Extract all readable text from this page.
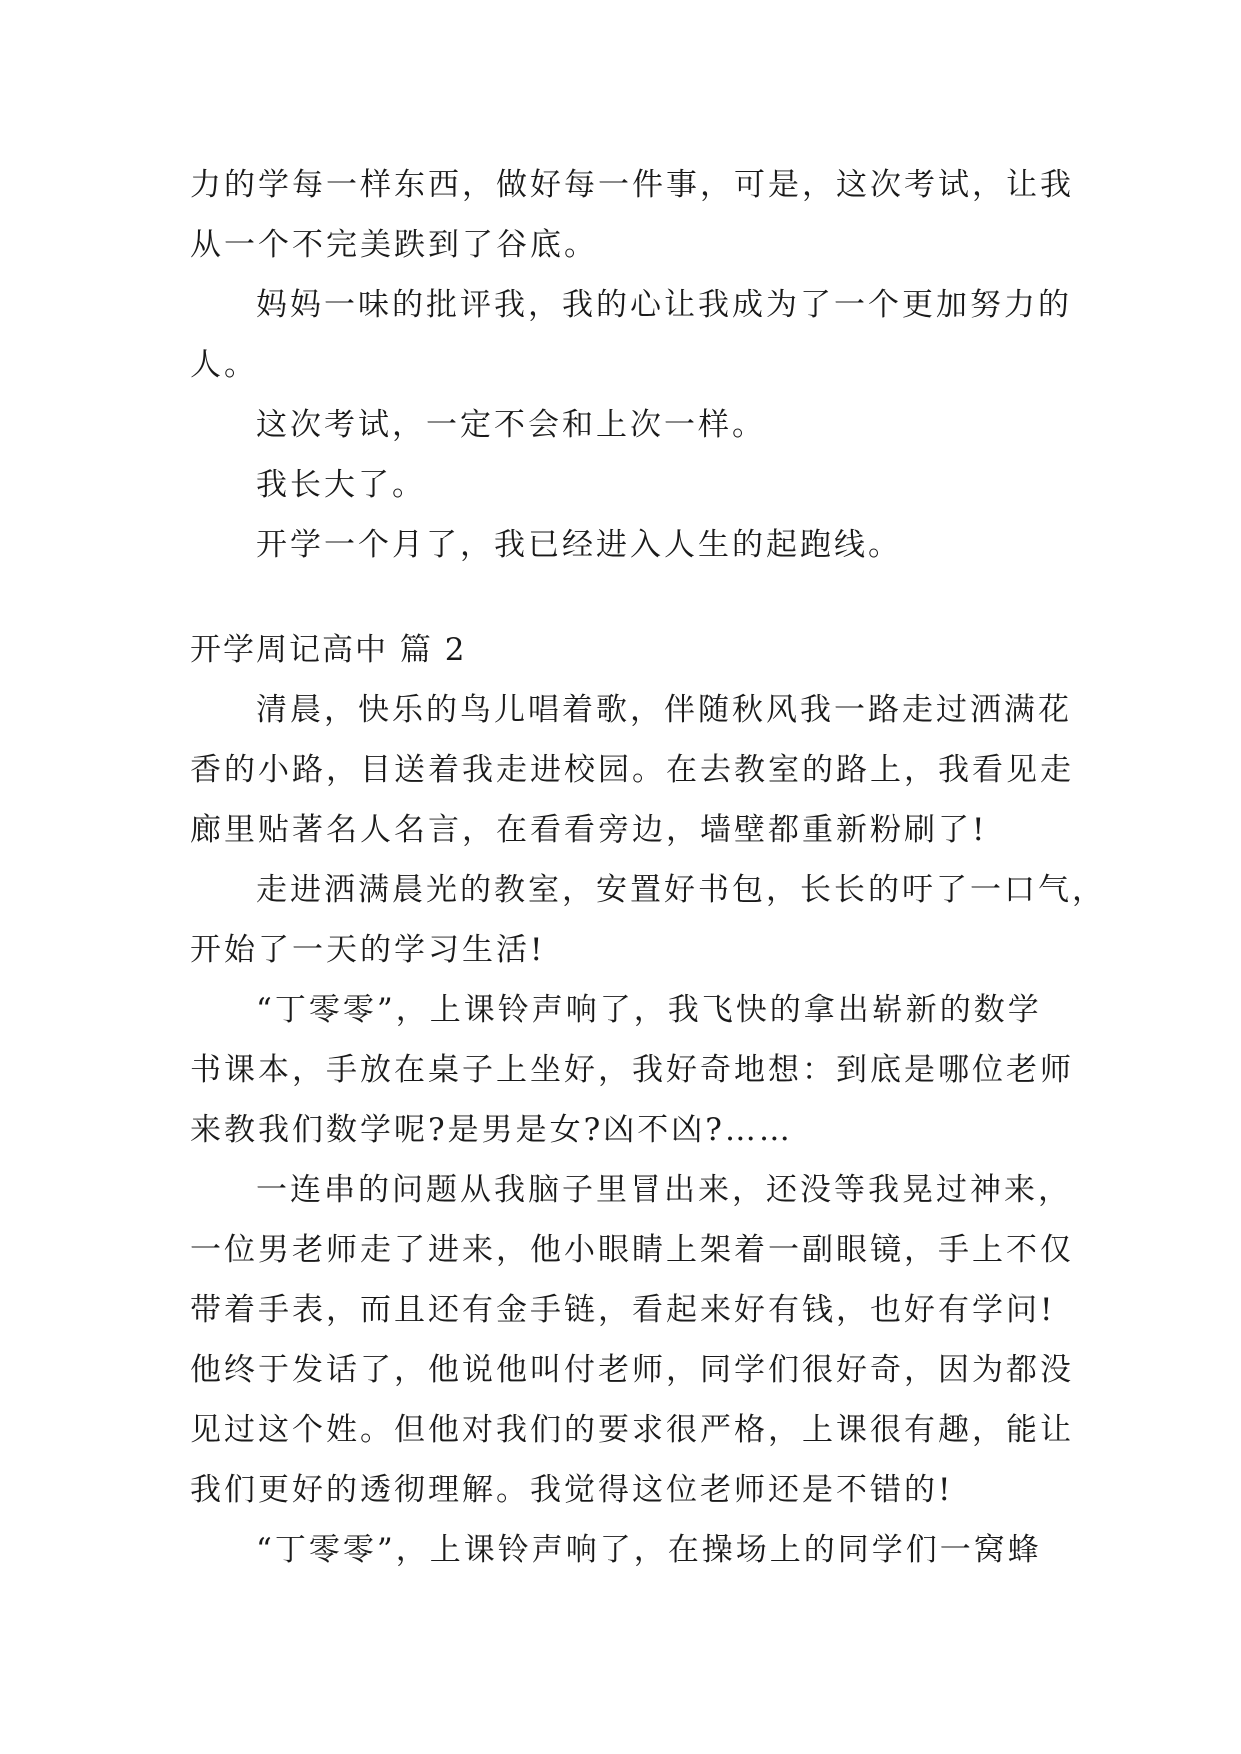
力的学每一样东西，做好每一件事，可是，这次考试，让我
从一个不完美跌到了谷底。
妈妈一味的批评我，我的心让我成为了一个更加努力的
人。
这次考试，一定不会和上次一样。
我长大了。
开学一个月了，我已经进入人生的起跑线。
开学周记高中 篇 2
清晨，快乐的鸟儿唱着歌，伴随秋风我一路走过洒满花
香的小路，目送着我走进校园。在去教室的路上，我看见走
廊里贴著名人名言，在看看旁边，墙壁都重新粉刷了!
走进洒满晨光的教室，安置好书包，长长的吁了一口气，
开始了一天的学习生活!
“丁零零”，上课铃声响了，我飞快的拿出崭新的数学
书课本，手放在桌子上坐好，我好奇地想：到底是哪位老师
来教我们数学呢?是男是女?凶不凶?……
一连串的问题从我脑子里冒出来，还没等我晃过神来，
一位男老师走了进来，他小眼睛上架着一副眼镜，手上不仅
带着手表，而且还有金手链，看起来好有钱，也好有学问!
他终于发话了，他说他叫付老师，同学们很好奇，因为都没
见过这个姓。但他对我们的要求很严格，上课很有趣，能让
我们更好的透彻理解。我觉得这位老师还是不错的!
“丁零零”，上课铃声响了，在操场上的同学们一窝蜂
